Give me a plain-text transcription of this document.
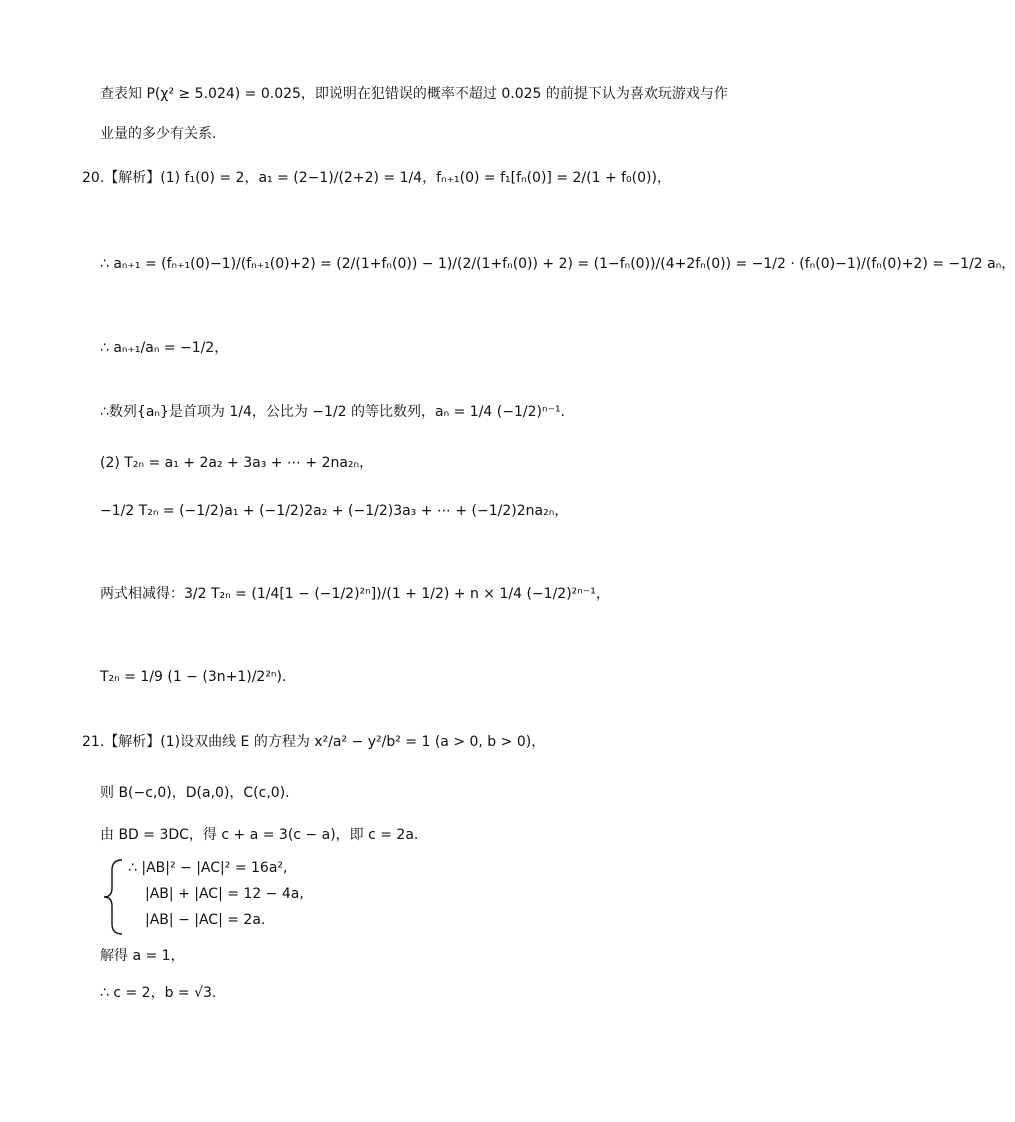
查表知 P(χ² ≥ 5.024) = 0.025，即说明在犯错误的概率不超过 0.025 的前提下认为喜欢玩游戏与作
业量的多少有关系.
20.【解析】(1) f₁(0) = 2，a₁ = (2−1)/(2+2) = 1/4，fₙ₊₁(0) = f₁[fₙ(0)] = 2/(1 + f₀(0))，
∴ aₙ₊₁ = (fₙ₊₁(0)−1)/(fₙ₊₁(0)+2) = (2/(1+fₙ(0)) − 1)/(2/(1+fₙ(0)) + 2) = (1−fₙ(0))/(4+2fₙ(0)) = −1/2 · (fₙ(0)−1)/(fₙ(0)+2) = −1/2 aₙ，
∴ aₙ₊₁/aₙ = −1/2，
∴数列{aₙ}是首项为 1/4，公比为 −1/2 的等比数列，aₙ = 1/4 (−1/2)ⁿ⁻¹.
(2) T₂ₙ = a₁ + 2a₂ + 3a₃ + ⋯ + 2na₂ₙ，
−1/2 T₂ₙ = (−1/2)a₁ + (−1/2)2a₂ + (−1/2)3a₃ + ⋯ + (−1/2)2na₂ₙ，
两式相减得：3/2 T₂ₙ = (1/4[1 − (−1/2)²ⁿ])/(1 + 1/2) + n × 1/4 (−1/2)²ⁿ⁻¹，
T₂ₙ = 1/9 (1 − (3n+1)/2²ⁿ).
21.【解析】(1)设双曲线 E 的方程为 x²/a² − y²/b² = 1 (a > 0, b > 0)，
则 B(−c,0)，D(a,0)，C(c,0).
由 BD = 3DC，得 c + a = 3(c − a)，即 c = 2a.
∴ |AB|² − |AC|² = 16a²,
|AB| + |AC| = 12 − 4a,
|AB| − |AC| = 2a.
解得 a = 1，
∴ c = 2，b = √3.
